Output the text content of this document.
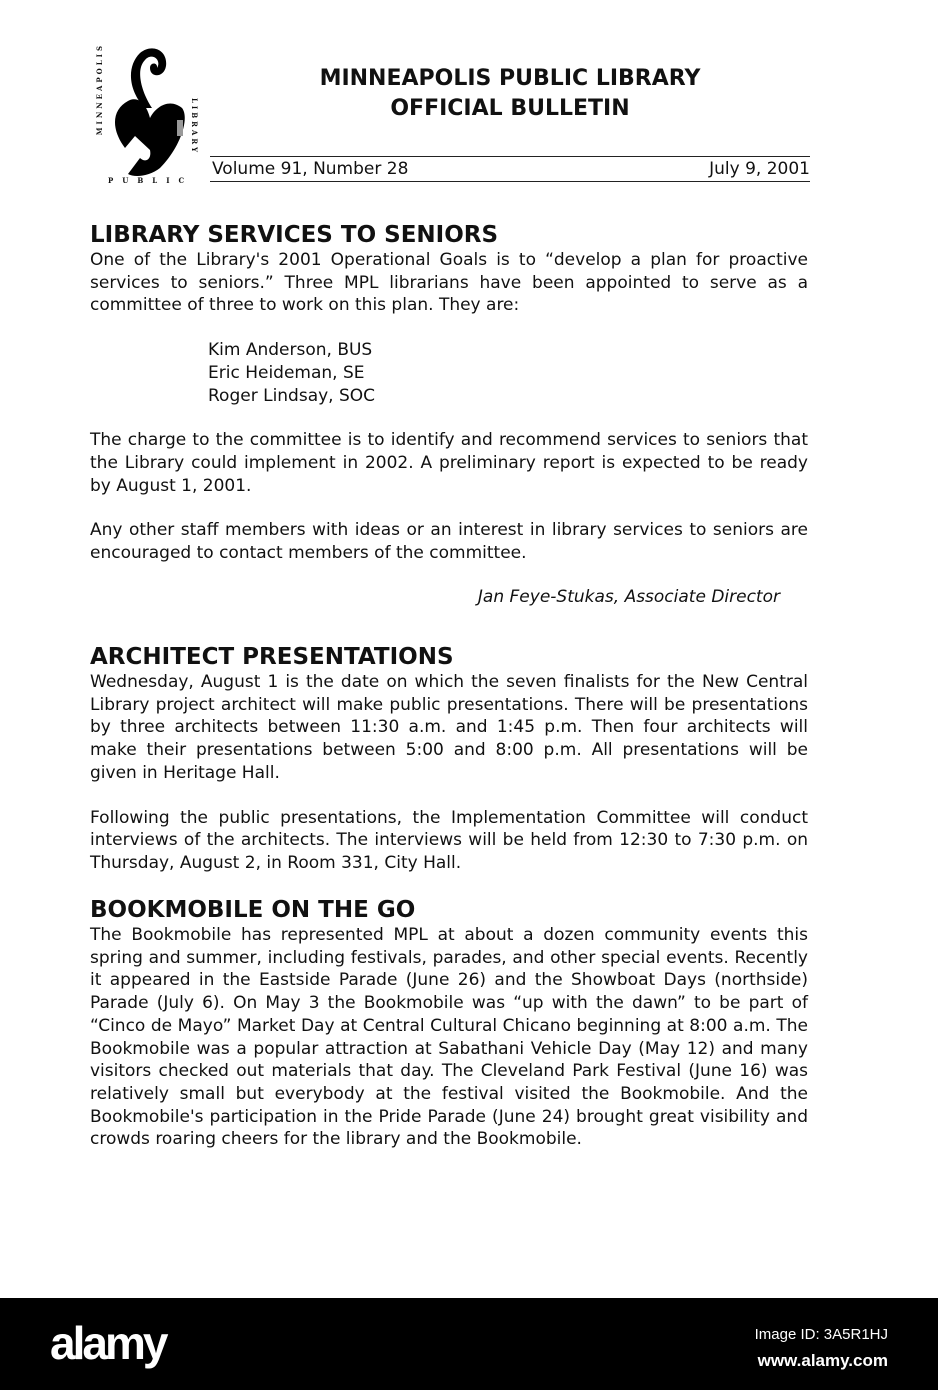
MINNEAPOLIS
PUBLIC
LIBRARY
MINNEAPOLIS PUBLIC LIBRARY
OFFICIAL BULLETIN
Volume 91, Number 28	July 9, 2001
LIBRARY SERVICES TO SENIORS

One of the Library's 2001 Operational Goals is to “develop a plan for proactive services to seniors.” Three MPL librarians have been appointed to serve as a committee of three to work on this plan. They are:

Kim Anderson, BUS
Eric Heideman, SE
Roger Lindsay, SOC

The charge to the committee is to identify and recommend services to seniors that the Library could implement in 2002. A preliminary report is expected to be ready by August 1, 2001.

Any other staff members with ideas or an interest in library services to seniors are encouraged to contact members of the committee.

Jan Feye-Stukas, Associate Director
ARCHITECT PRESENTATIONS

Wednesday, August 1 is the date on which the seven finalists for the New Central Library project architect will make public presentations. There will be presentations by three architects between 11:30 a.m. and 1:45 p.m. Then four architects will make their presentations between 5:00 and 8:00 p.m. All presentations will be given in Heritage Hall.

Following the public presentations, the Implementation Committee will conduct interviews of the architects. The interviews will be held from 12:30 to 7:30 p.m. on Thursday, August 2, in Room 331, City Hall.

BOOKMOBILE ON THE GO

The Bookmobile has represented MPL at about a dozen community events this spring and summer, including festivals, parades, and other special events. Recently it appeared in the Eastside Parade (June 26) and the Showboat Days (northside) Parade (July 6). On May 3 the Bookmobile was “up with the dawn” to be part of “Cinco de Mayo” Market Day at Central Cultural Chicano beginning at 8:00 a.m. The Bookmobile was a popular attraction at Sabathani Vehicle Day (May 12) and many visitors checked out materials that day. The Cleveland Park Festival (June 16) was relatively small but everybody at the festival visited the Bookmobile. And the Bookmobile's participation in the Pride Parade (June 24) brought great visibility and crowds roaring cheers for the library and the Bookmobile.

alamy	Image ID: 3A5R1HJ
www.alamy.com
